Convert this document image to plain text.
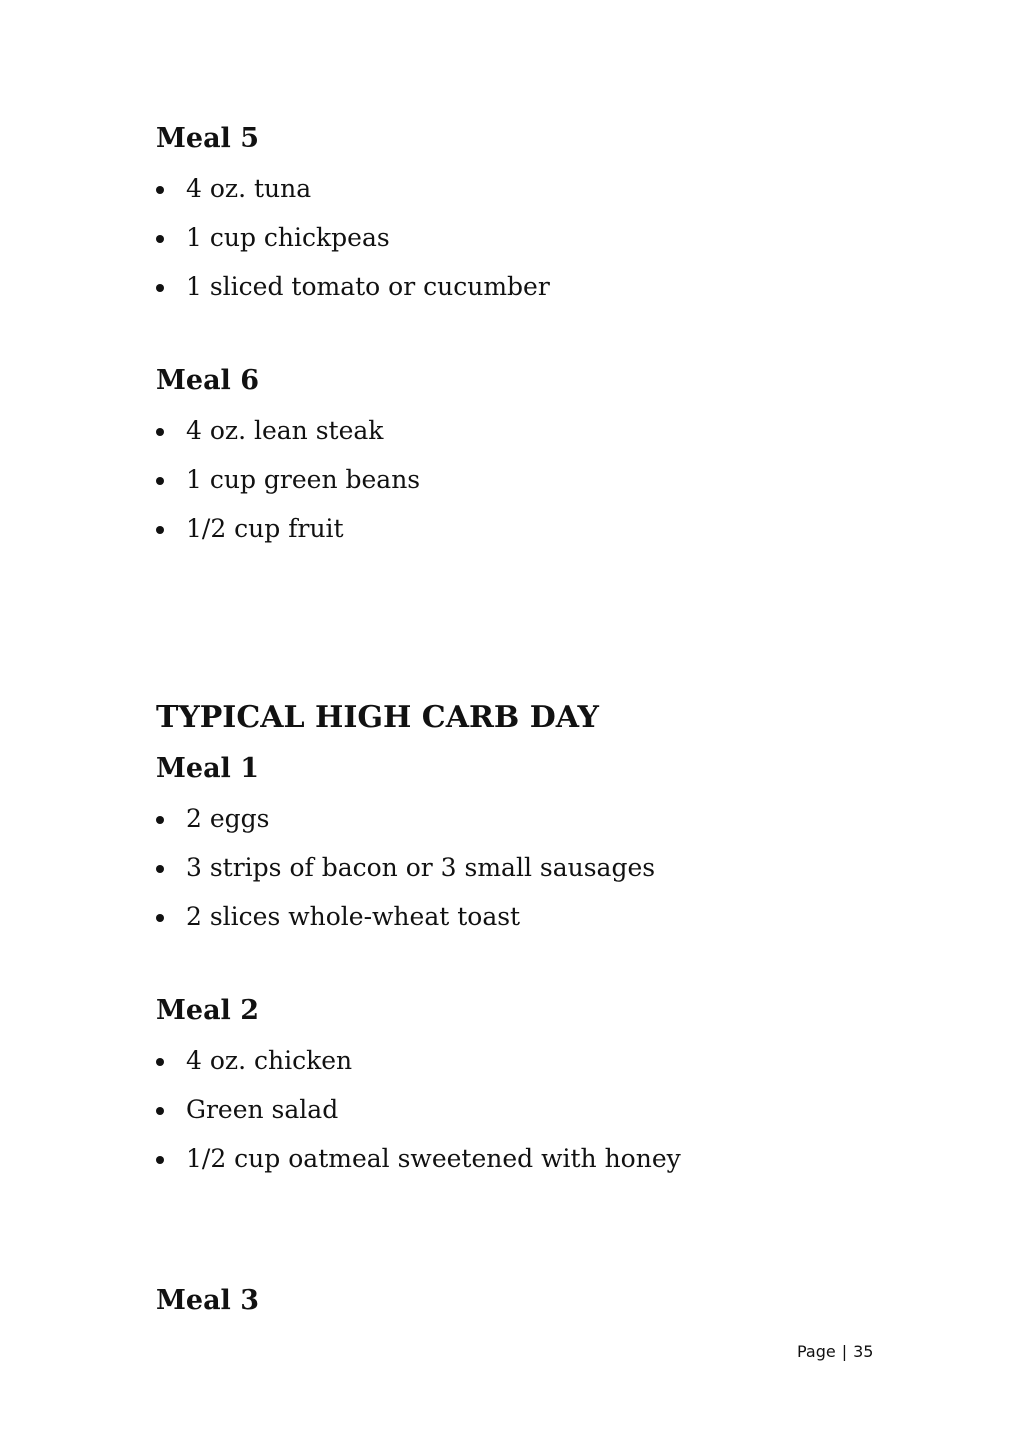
Meal 5
4 oz. tuna
1 cup chickpeas
1 sliced tomato or cucumber
Meal 6
4 oz. lean steak
1 cup green beans
1/2 cup fruit
TYPICAL HIGH CARB DAY
Meal 1
2 eggs
3 strips of bacon or 3 small sausages
2 slices whole-wheat toast
Meal 2
4 oz. chicken
Green salad
1/2 cup oatmeal sweetened with honey
Meal 3
Page | 35
